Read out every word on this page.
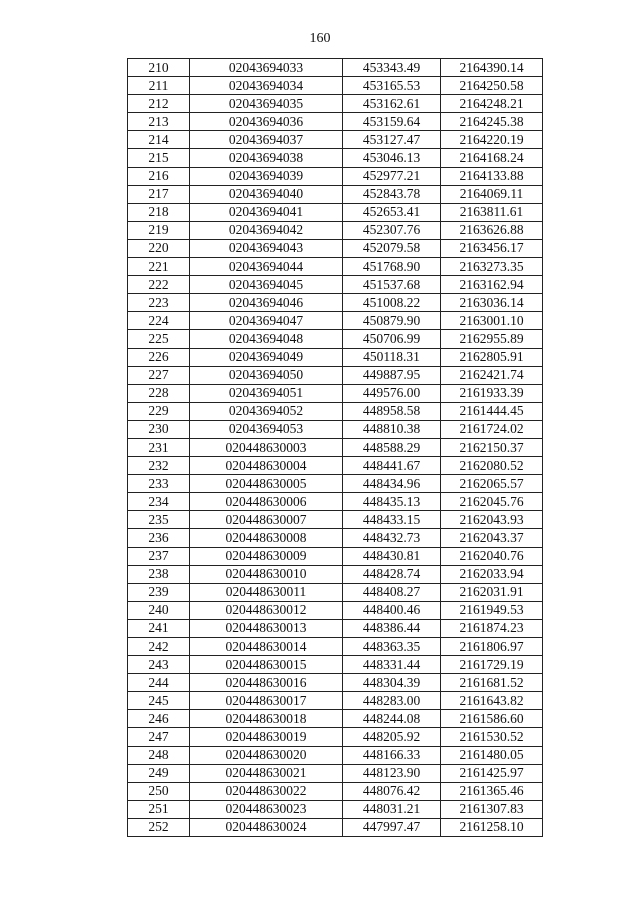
160
210	02043694033	453343.49	2164390.14
211	02043694034	453165.53	2164250.58
212	02043694035	453162.61	2164248.21
213	02043694036	453159.64	2164245.38
214	02043694037	453127.47	2164220.19
215	02043694038	453046.13	2164168.24
216	02043694039	452977.21	2164133.88
217	02043694040	452843.78	2164069.11
218	02043694041	452653.41	2163811.61
219	02043694042	452307.76	2163626.88
220	02043694043	452079.58	2163456.17
221	02043694044	451768.90	2163273.35
222	02043694045	451537.68	2163162.94
223	02043694046	451008.22	2163036.14
224	02043694047	450879.90	2163001.10
225	02043694048	450706.99	2162955.89
226	02043694049	450118.31	2162805.91
227	02043694050	449887.95	2162421.74
228	02043694051	449576.00	2161933.39
229	02043694052	448958.58	2161444.45
230	02043694053	448810.38	2161724.02
231	020448630003	448588.29	2162150.37
232	020448630004	448441.67	2162080.52
233	020448630005	448434.96	2162065.57
234	020448630006	448435.13	2162045.76
235	020448630007	448433.15	2162043.93
236	020448630008	448432.73	2162043.37
237	020448630009	448430.81	2162040.76
238	020448630010	448428.74	2162033.94
239	020448630011	448408.27	2162031.91
240	020448630012	448400.46	2161949.53
241	020448630013	448386.44	2161874.23
242	020448630014	448363.35	2161806.97
243	020448630015	448331.44	2161729.19
244	020448630016	448304.39	2161681.52
245	020448630017	448283.00	2161643.82
246	020448630018	448244.08	2161586.60
247	020448630019	448205.92	2161530.52
248	020448630020	448166.33	2161480.05
249	020448630021	448123.90	2161425.97
250	020448630022	448076.42	2161365.46
251	020448630023	448031.21	2161307.83
252	020448630024	447997.47	2161258.10
